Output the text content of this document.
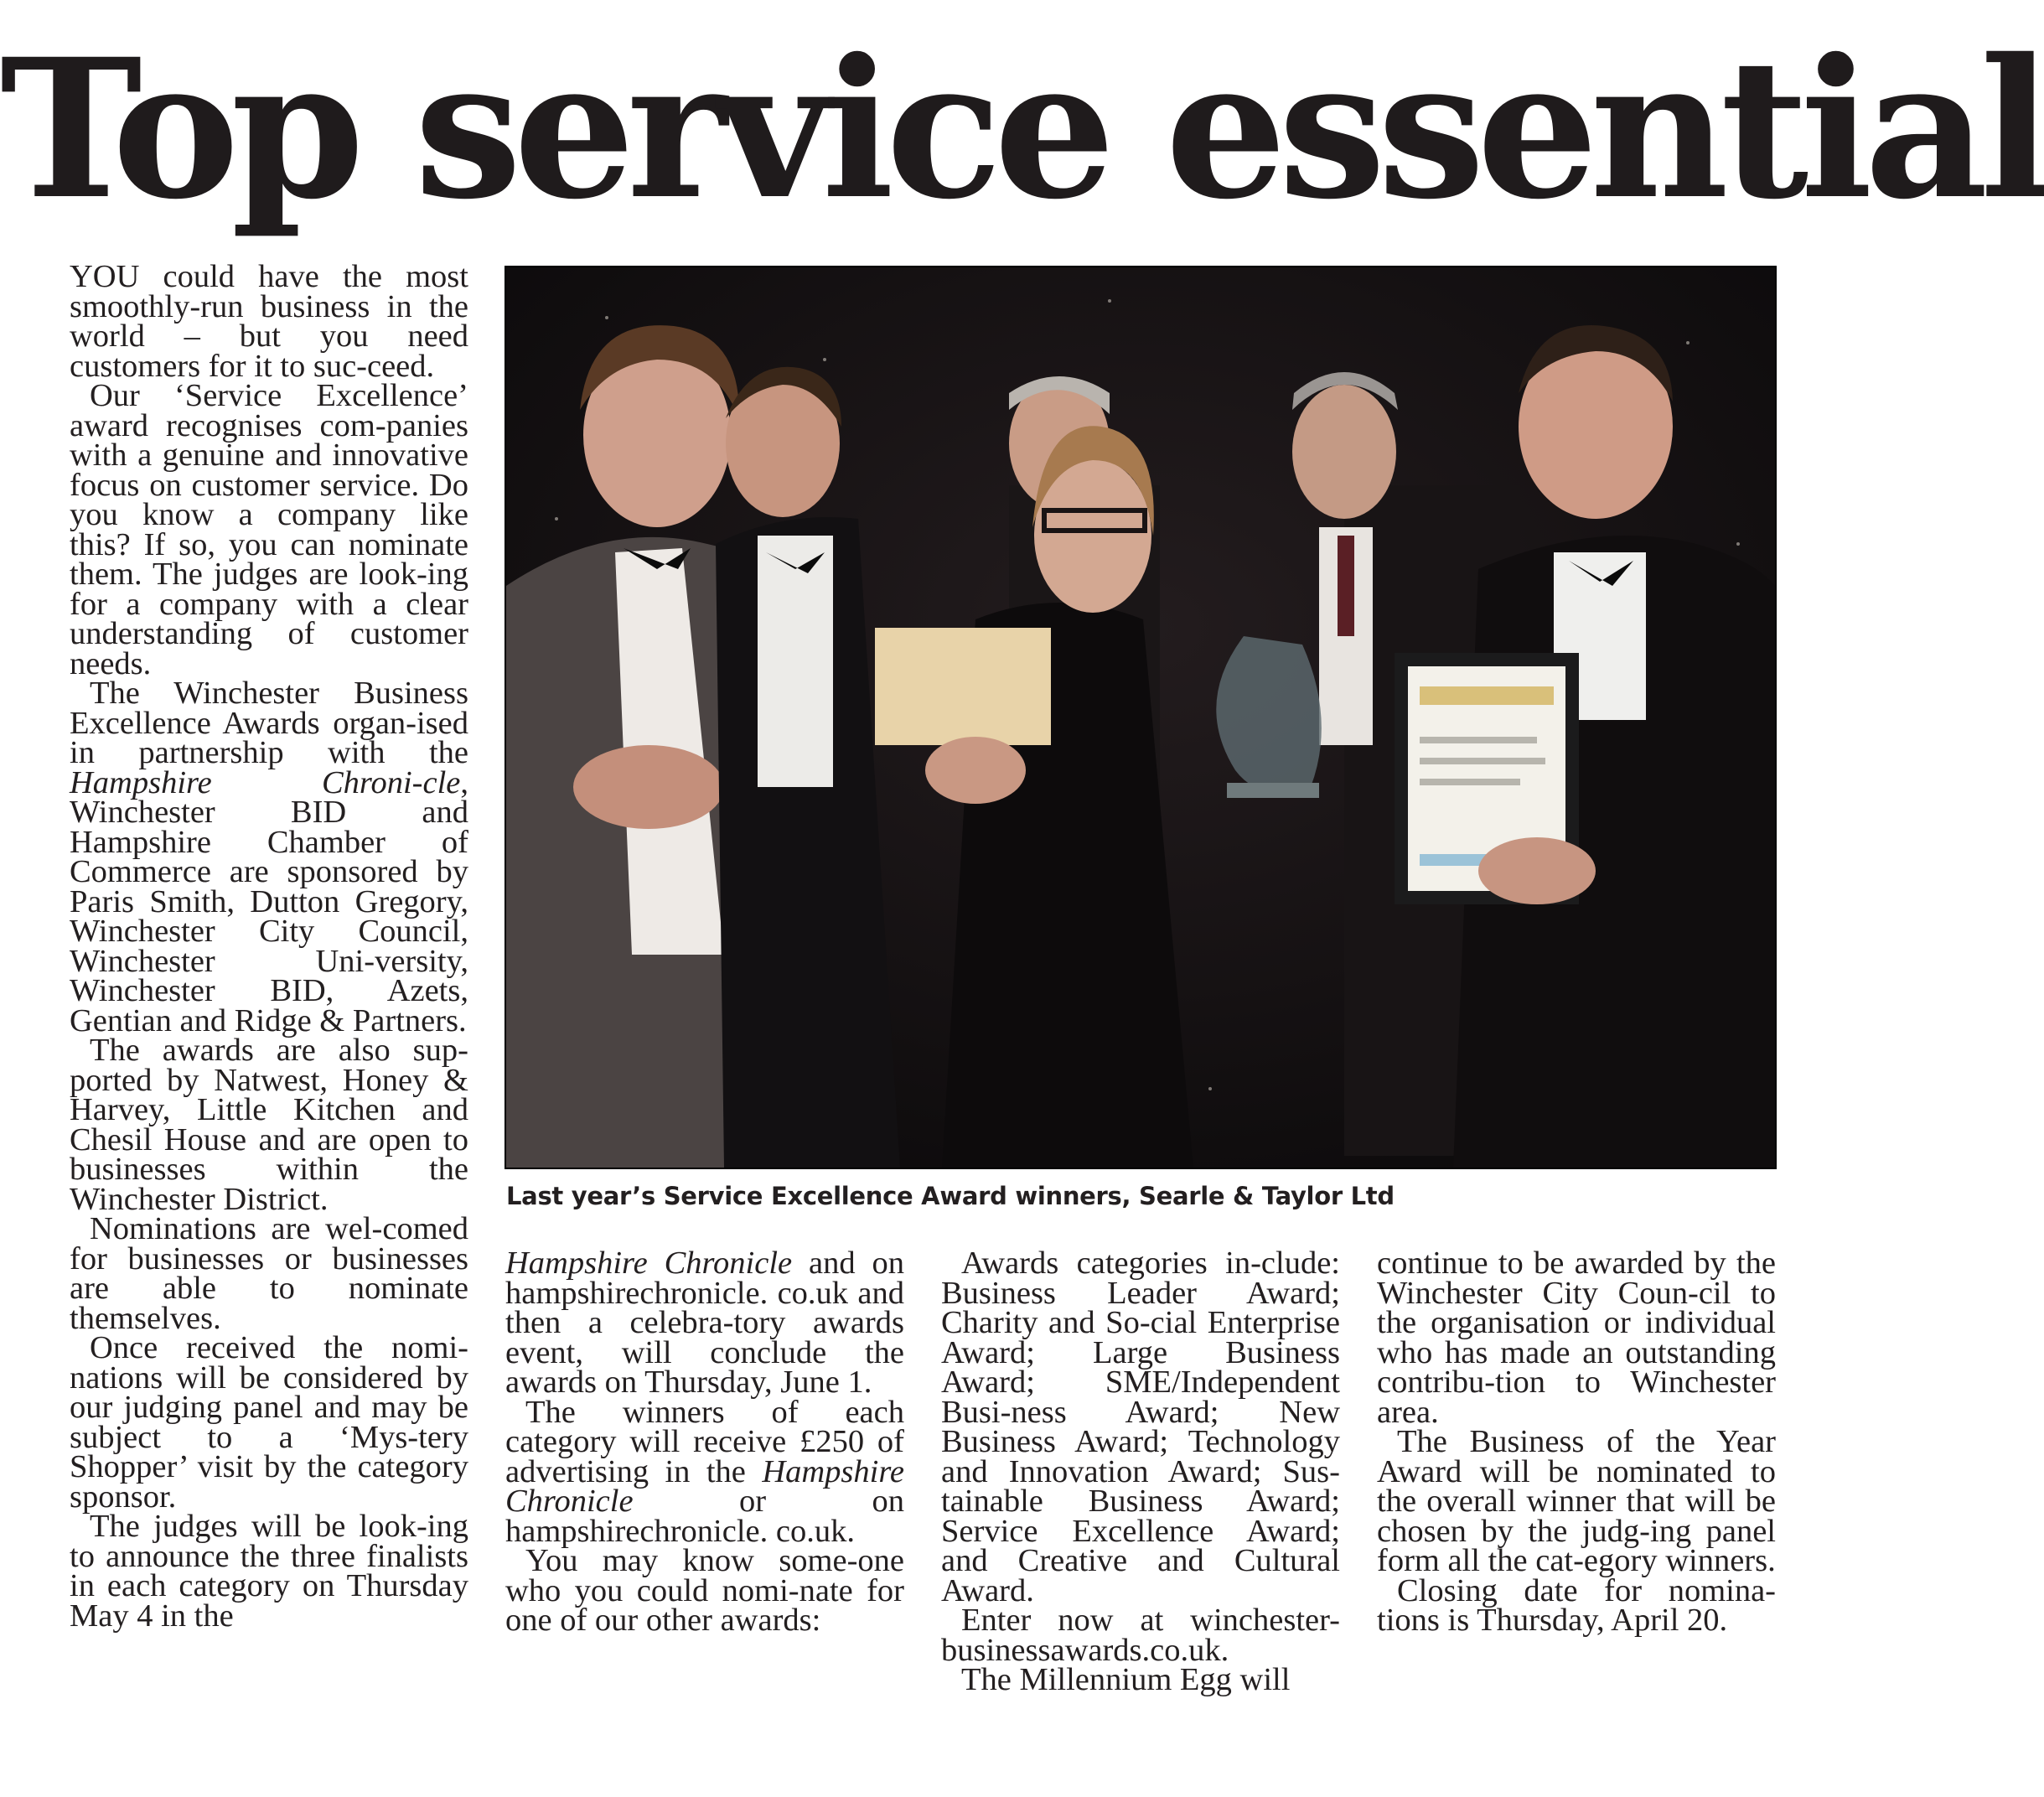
Top service essential

YOU could have the most smoothly-run business in the world – but you need customers for it to suc-ceed.

Our ‘Service Excellence’ award recognises com-panies with a genuine and innovative focus on customer service. Do you know a company like this? If so, you can nominate them. The judges are look-ing for a company with a clear understanding of customer needs.

The Winchester Business Excellence Awards organ-ised in partnership with the Hampshire Chroni-cle, Winchester BID and Hampshire Chamber of Commerce are sponsored by Paris Smith, Dutton Gregory, Winchester City Council, Winchester Uni-versity, Winchester BID, Azets, Gentian and Ridge & Partners.

The awards are also sup-ported by Natwest, Honey & Harvey, Little Kitchen and Chesil House and are open to businesses within the Winchester District.

Nominations are wel-comed for businesses or businesses are able to nominate themselves.

Once received the nomi-nations will be considered by our judging panel and may be subject to a ‘Mys-tery Shopper’ visit by the category sponsor.

The judges will be look-ing to announce the three finalists in each category on Thursday May 4 in the

Last year’s Service Excellence Award winners, Searle & Taylor Ltd

Hampshire Chronicle and on hampshirechronicle. co.uk and then a celebra-tory awards event, will conclude the awards on Thursday, June 1.

The winners of each category will receive £250 of advertising in the Hampshire Chronicle or on hampshirechronicle. co.uk.

You may know some-one who you could nomi-nate for one of our other awards:

Awards categories in-clude: Business Leader Award; Charity and So-cial Enterprise Award; Large Business Award; SME/Independent Busi-ness Award; New Business Award; Technology and Innovation Award; Sus-tainable Business Award; Service Excellence Award; and Creative and Cultural Award.

Enter now at winchester-businessawards.co.uk.

The Millennium Egg will

continue to be awarded by the Winchester City Coun-cil to the organisation or individual who has made an outstanding contribu-tion to Winchester area.

The Business of the Year Award will be nominated to the overall winner that will be chosen by the judg-ing panel form all the cat-egory winners.

Closing date for nomina-tions is Thursday, April 20.
